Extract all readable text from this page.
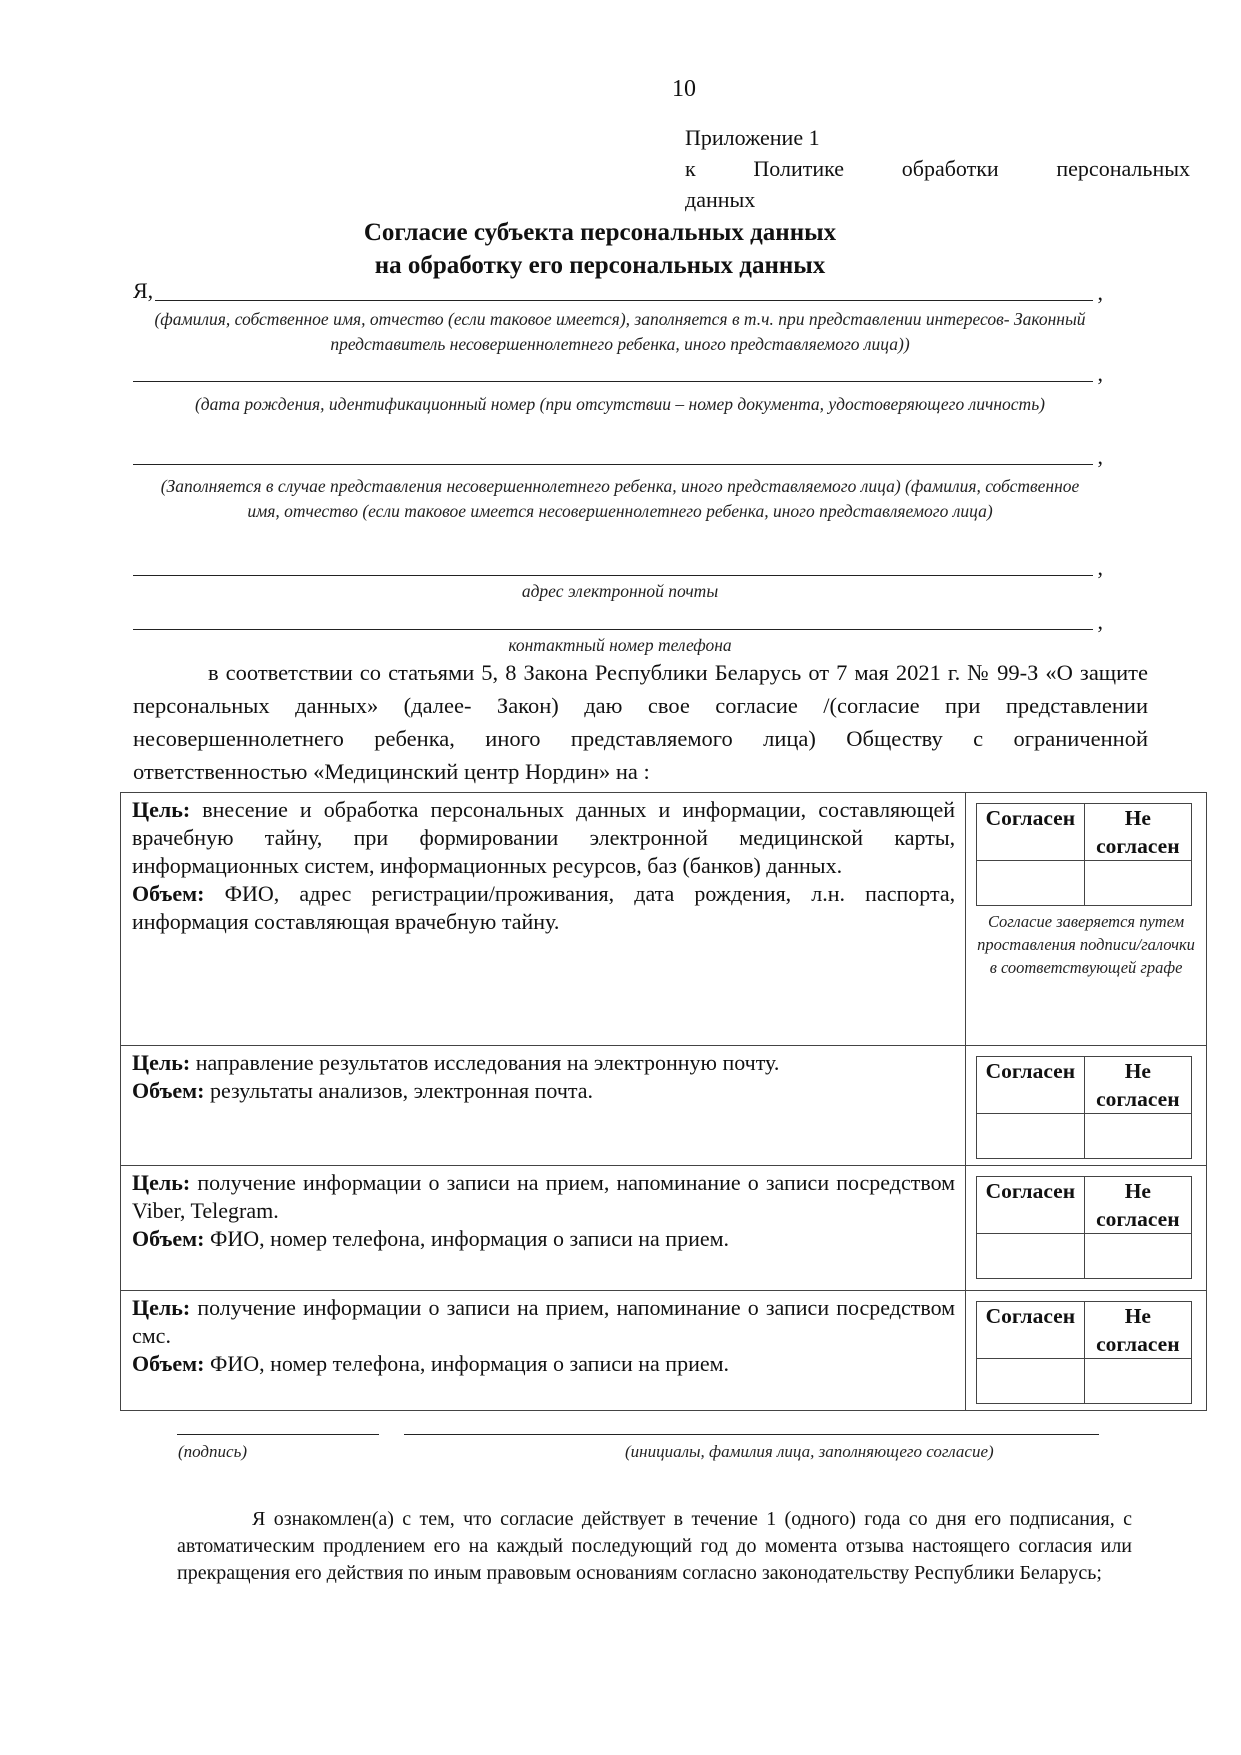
10
Приложение 1
к Политике обработки персональных
данных
Согласие субъекта персональных данных
на обработку его персональных данных
Я,	,
(фамилия, собственное имя, отчество (если таковое имеется), заполняется в т.ч. при представлении интересов- Законный представитель несовершеннолетнего ребенка, иного представляемого лица))
,
(дата рождения, идентификационный номер (при отсутствии – номер документа, удостоверяющего личность)
,
(Заполняется в случае представления несовершеннолетнего ребенка, иного представляемого лица) (фамилия, собственное имя, отчество (если таковое имеется несовершеннолетнего ребенка, иного представляемого лица)
,
адрес электронной почты
,
контактный номер телефона
в соответствии со статьями 5, 8 Закона Республики Беларусь от 7 мая 2021 г. № 99-З «О защите персональных данных» (далее- Закон) даю свое согласие /(согласие при представлении несовершеннолетнего ребенка, иного представляемого лица) Обществу с ограниченной ответственностью «Медицинский центр Нордин» на :
Цель: внесение и обработка персональных данных и информации, составляющей врачебную тайну, при формировании электронной медицинской карты, информационных систем, информационных ресурсов, баз (банков) данных.
Объем: ФИО, адрес регистрации/проживания, дата рождения, л.н. паспорта, информация составляющая врачебную тайну.	
Согласен	Не согласен

Согласие заверяется путем проставления подписи/галочки в соответствующей графе

Цель: направление результатов исследования на электронную почту.
Объем: результаты анализов, электронная почта.	
Согласен	Не согласен

Цель: получение информации о записи на прием, напоминание о записи посредством Viber, Telegram.
Объем: ФИО, номер телефона, информация о записи на прием.	
Согласен	Не согласен

Цель: получение информации о записи на прием, напоминание о записи посредством смс.
Объем: ФИО, номер телефона, информация о записи на прием.	
Согласен	Не согласен

(подпись)	(инициалы, фамилия лица, заполняющего согласие)
Я ознакомлен(а) с тем, что согласие действует в течение 1 (одного) года со дня его подписания, с автоматическим продлением его на каждый последующий год до момента отзыва настоящего согласия или прекращения его действия по иным правовым основаниям согласно законодательству Республики Беларусь;
